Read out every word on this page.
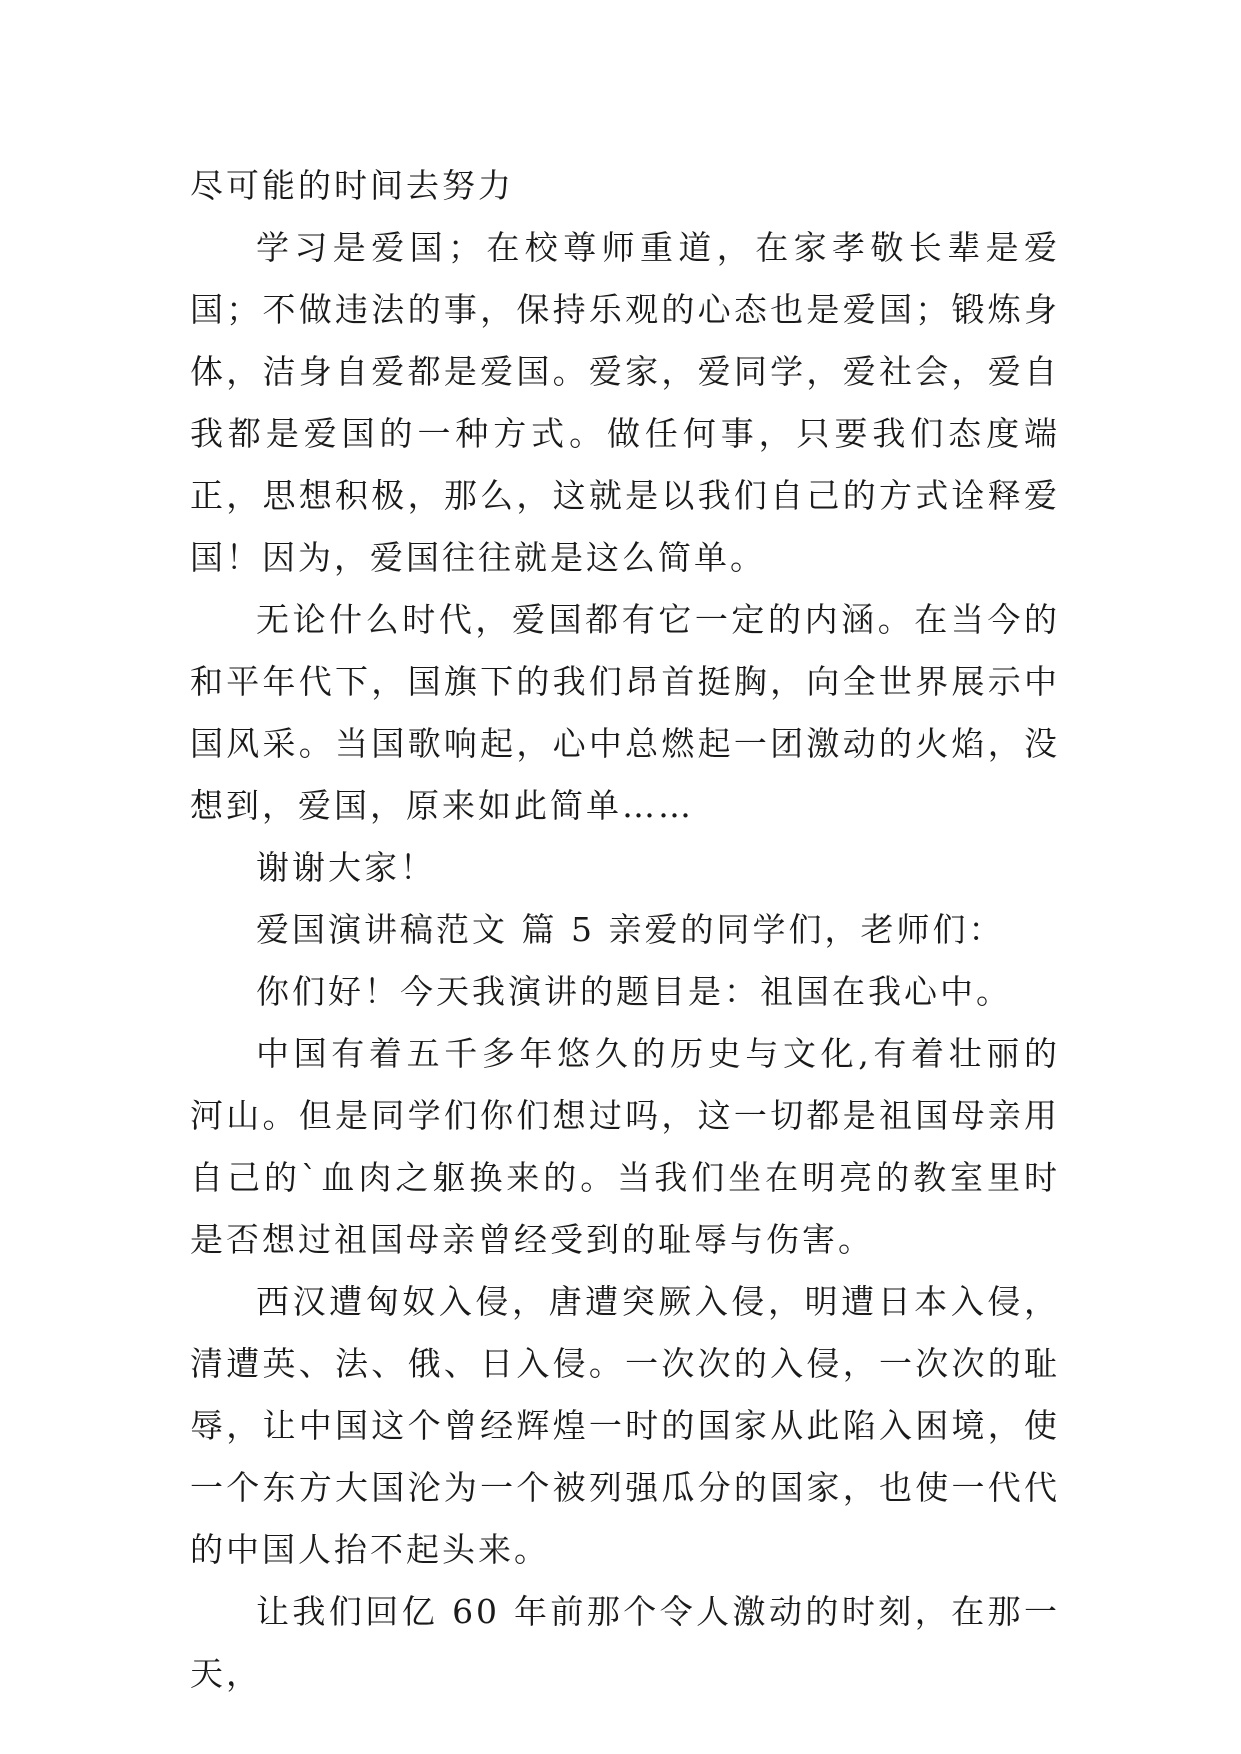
尽可能的时间去努力

学习是爱国；在校尊师重道，在家孝敬长辈是爱国；不做违法的事，保持乐观的心态也是爱国；锻炼身体，洁身自爱都是爱国。爱家，爱同学，爱社会，爱自我都是爱国的一种方式。做任何事，只要我们态度端正，思想积极，那么，这就是以我们自己的方式诠释爱国！因为，爱国往往就是这么简单。

无论什么时代，爱国都有它一定的内涵。在当今的和平年代下，国旗下的我们昂首挺胸，向全世界展示中国风采。当国歌响起，心中总燃起一团激动的火焰，没想到，爱国，原来如此简单……

谢谢大家！

爱国演讲稿范文 篇 5 亲爱的同学们，老师们：

你们好！今天我演讲的题目是：祖国在我心中。

中国有着五千多年悠久的历史与文化,有着壮丽的河山。但是同学们你们想过吗，这一切都是祖国母亲用自己的`血肉之躯换来的。当我们坐在明亮的教室里时是否想过祖国母亲曾经受到的耻辱与伤害。

西汉遭匈奴入侵，唐遭突厥入侵，明遭日本入侵，清遭英、法、俄、日入侵。一次次的入侵，一次次的耻辱，让中国这个曾经辉煌一时的国家从此陷入困境，使一个东方大国沦为一个被列强瓜分的国家，也使一代代的中国人抬不起头来。

让我们回亿 60 年前那个令人激动的时刻，在那一天，
